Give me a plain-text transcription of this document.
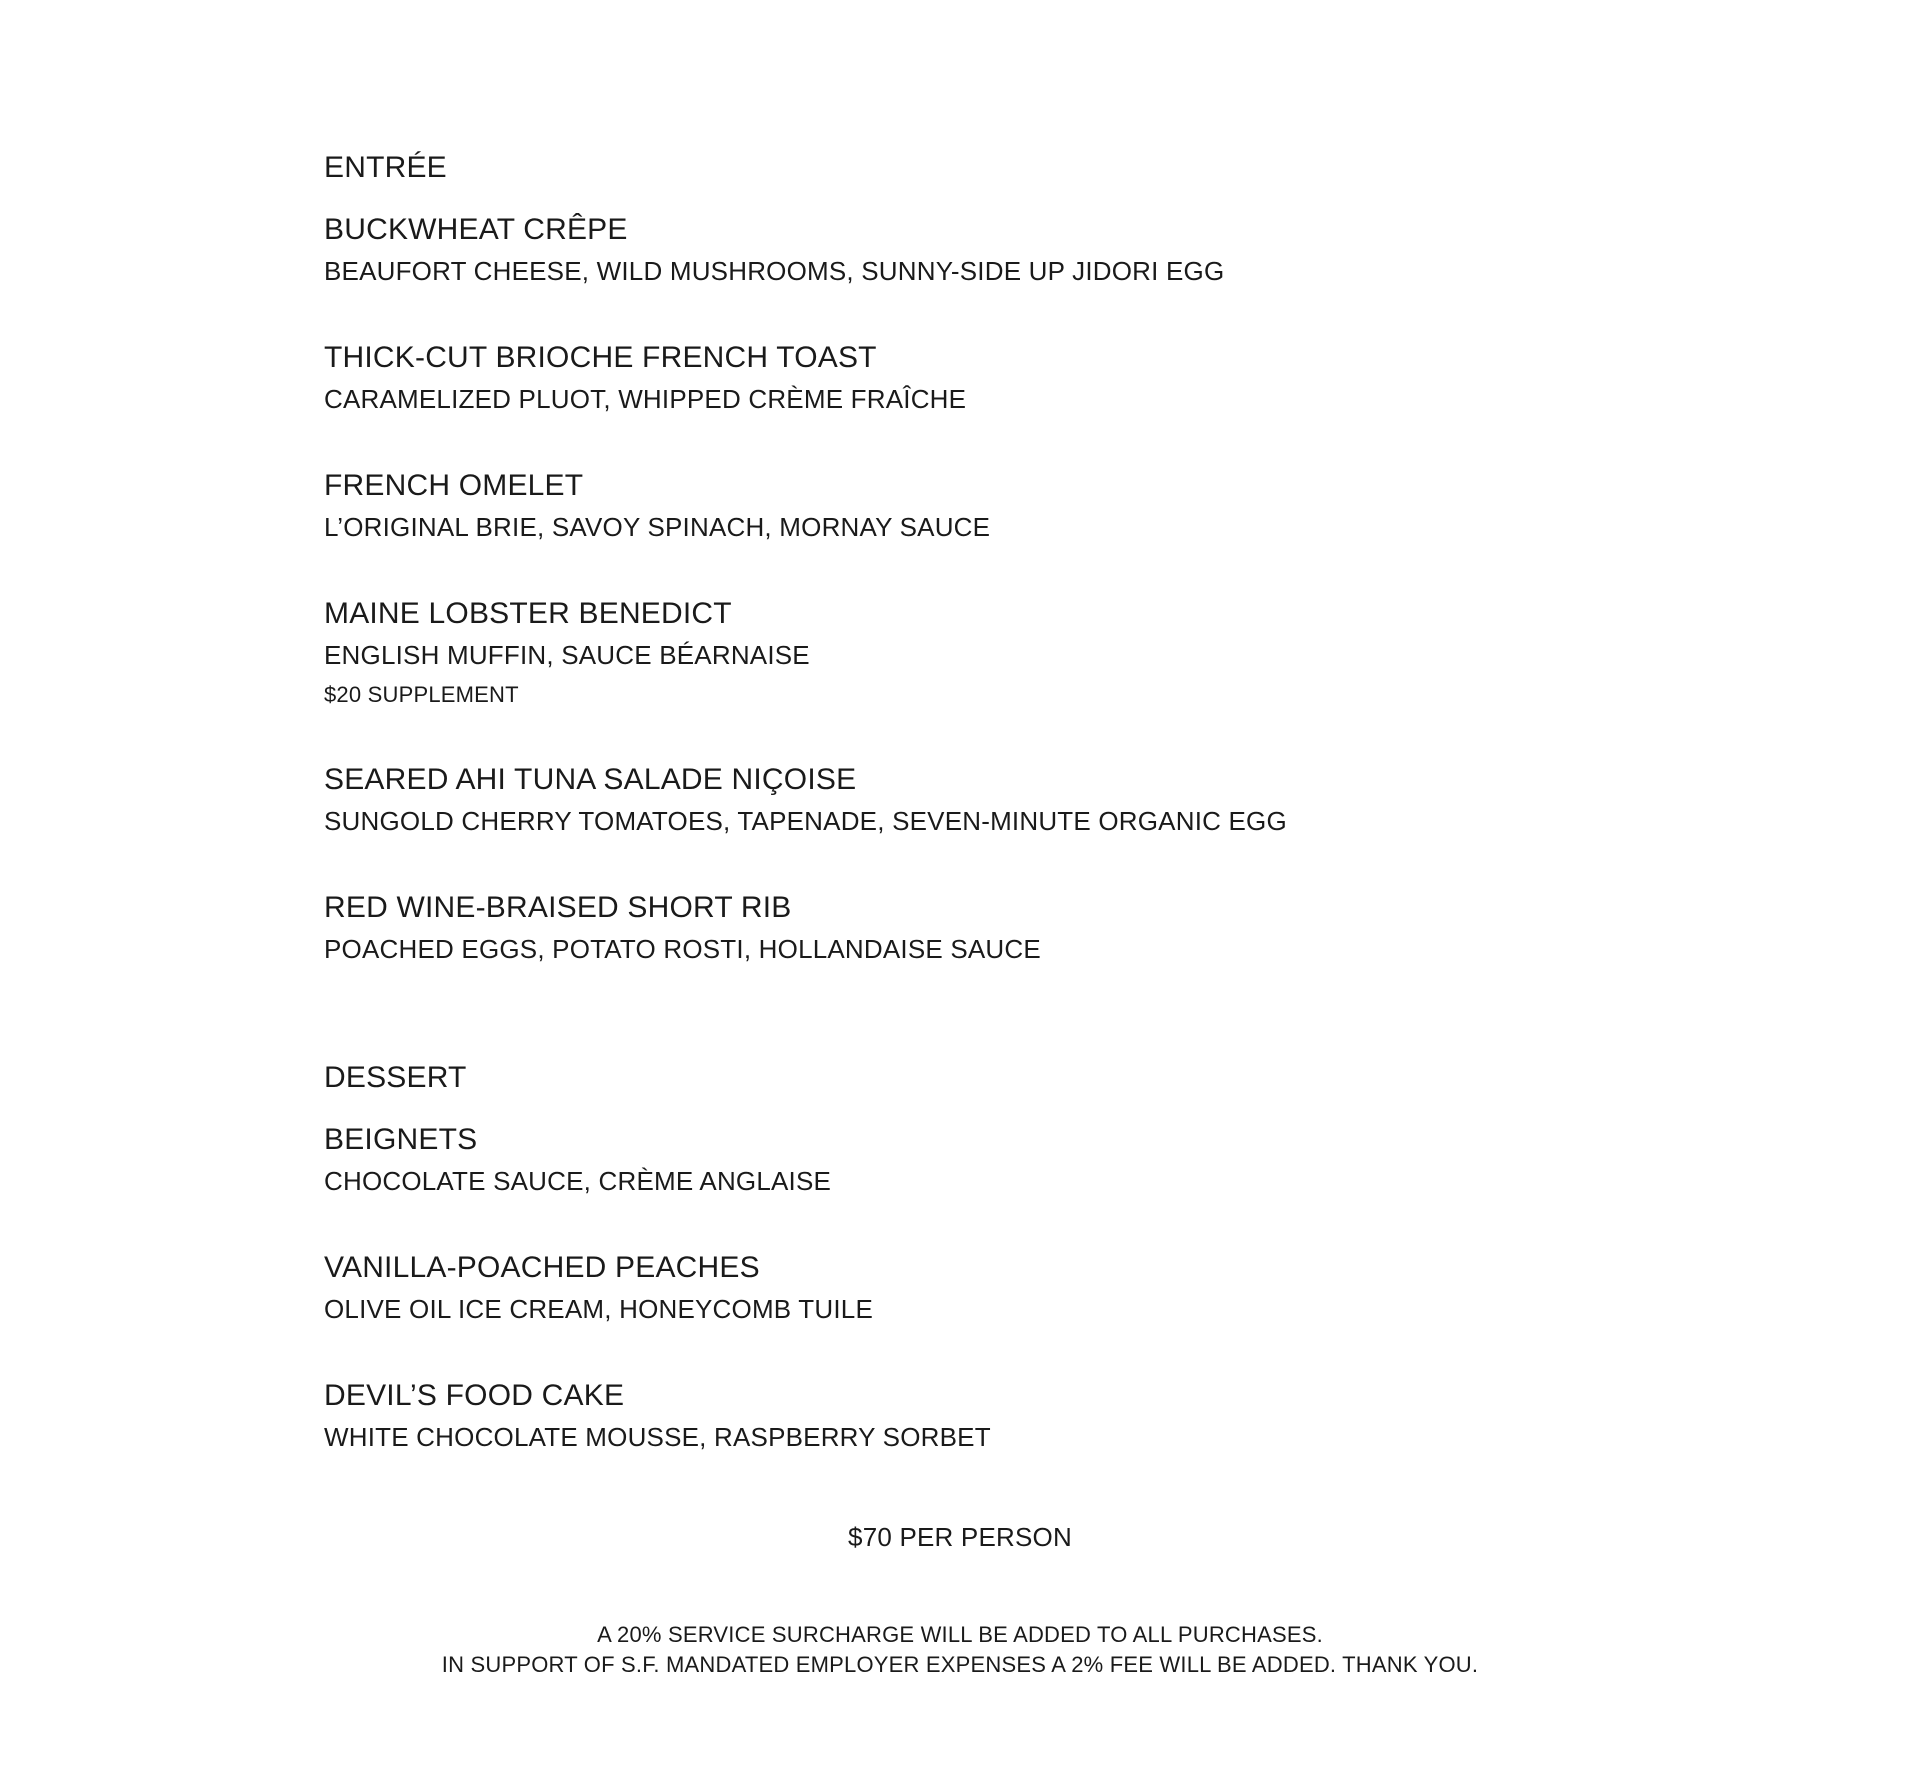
ENTRÉE
BUCKWHEAT CRÊPE
BEAUFORT CHEESE, WILD MUSHROOMS, SUNNY-SIDE UP JIDORI EGG
THICK-CUT BRIOCHE FRENCH TOAST
CARAMELIZED PLUOT, WHIPPED CRÈME FRAÎCHE
FRENCH OMELET
L’ORIGINAL BRIE, SAVOY SPINACH, MORNAY SAUCE
MAINE LOBSTER BENEDICT
ENGLISH MUFFIN, SAUCE BÉARNAISE
$20 SUPPLEMENT
SEARED AHI TUNA SALADE NIÇOISE
SUNGOLD CHERRY TOMATOES, TAPENADE, SEVEN-MINUTE ORGANIC EGG
RED WINE-BRAISED SHORT RIB
POACHED EGGS, POTATO ROSTI, HOLLANDAISE SAUCE
DESSERT
BEIGNETS
CHOCOLATE SAUCE, CRÈME ANGLAISE
VANILLA-POACHED PEACHES
OLIVE OIL ICE CREAM, HONEYCOMB TUILE
DEVIL’S FOOD CAKE
WHITE CHOCOLATE MOUSSE, RASPBERRY SORBET
$70 PER PERSON
A 20% SERVICE SURCHARGE WILL BE ADDED TO ALL PURCHASES.
IN SUPPORT OF S.F. MANDATED EMPLOYER EXPENSES A 2% FEE WILL BE ADDED. THANK YOU.
